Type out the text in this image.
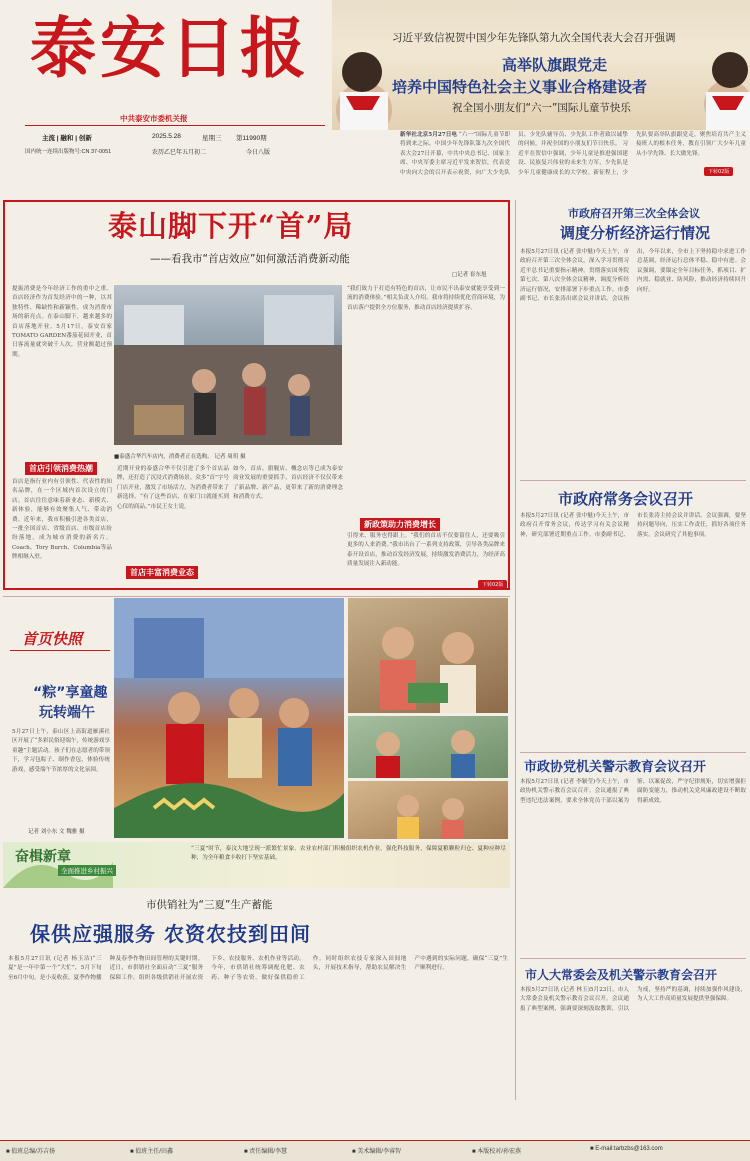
泰安日报
中共泰安市委机关报
主流 | 融和 | 创新
国内统一连续出版物号:CN 37-0051
2025.5.28	星期三 第11990期
农历乙巳年五月初二	今日八版
习近平致信祝贺中国少年先锋队第九次全国代表大会召开强调
高举队旗跟党走
培养中国特色社会主义事业合格建设者
祝全国小朋友们“六一”国际儿童节快乐
新华社北京5月27日电 “六一”国际儿童节即将到来之际，中国少年先锋队第九次全国代表大会27日开幕，中共中央总书记、国家主席、中央军委主席习近平发来贺信，代表党中央向大会的召开表示祝贺，向广大少先队员、少先队辅导员、少先队工作者致以诚挚的问候，并祝全国的小朋友们节日快乐。 习近平在贺信中强调，少年儿童是推进强国建设、民族复兴伟业的未来生力军，少先队是少年儿童健康成长的大学校。新征程上，少先队要高举队旗跟党走，聚焦培育共产主义接班人的根本任务，教育引领广大少年儿童从小学先锋、长大做先锋。
下转02版
泰山脚下开“首”局
——看我市“首店效应”如何激活消费新动能
□记者 崔东旭
提振消费是今年经济工作的重中之重。首店经济作为首发经济中的一种，以其独特性、稀缺性和新颖性，成为消费市场的新亮点。在泰山脚下，越来越多的首店落地开业。5月17日，泰安首家TOMATO GARDEN番茄花园开业，首日客流量就突破千人次，营业额超过预期。
“我们致力于打造有特色的首店，让市民不出泰安就能享受到一流的消费体验。”相关负责人介绍。我市将持续优化营商环境，为首店落户提供全方位服务，推动首店经济提质扩容。
■泰盛合华汽车店内，消费者正在选购。 记者 周玥 摄
首店引领消费热潮
首店是指行业内有引领性、代表性的知名品牌，在一个区域内首次设立的门店。首店往往意味着新业态、新模式、新体验，能够有效聚集人气、带动消费。近年来，我市积极引进各类首店，一批全国首店、省级首店、市级首店纷纷落地，成为城市消费的新名片。Coach、Tory Burch、Columbia等品牌相继入驻。
近期开业的泰盛合华不仅引进了多个首店品牌，还打造了沉浸式消费场景。众多“首”字号门店开业，激发了市场活力，为消费者带来了新选择。“有了这些首店，在家门口就能买到心仪的商品。”市民王女士说。
首店丰富消费业态
如今，首店、旗舰店、概念店等已成为泰安商业发展的重要抓手。首店经济不仅仅带来了新品牌、新产品，更带来了新的消费理念和消费方式。
新政策助力消费增长
引得来，服务也得跟上。“我们的首店不仅要留住人，还要吸引更多的人来消费。”我市出台了一系列支持政策，引导各类品牌来泰开设首店，推动首发经济发展，持续激发消费活力，为经济高质量发展注入新动能。
下转02版
市政府召开第三次全体会议
调度分析经济运行情况
本报5月27日讯 (记者 张中魁)今天上午，市政府召开第三次全体会议，深入学习贯彻习近平总书记重要指示精神，贯彻落实国务院第七次、第八次全体会议精神，调度分析经济运行情况，安排部署下步重点工作。市委副书记、市长张涛出席会议并讲话。会议指出，今年以来，全市上下坚持稳中求进工作总基调，经济运行总体平稳、稳中有进。会议强调，要锚定全年目标任务，抓项目、扩内需、稳就业、防风险，推动经济持续回升向好。
市政府常务会议召开
本报5月27日讯 (记者 张中魁)今天上午，市政府召开常务会议，传达学习有关会议精神，研究部署近期重点工作。市委副书记、市长张涛主持会议并讲话。会议强调，要坚持问题导向，压实工作责任，抓好各项任务落实。会议研究了其他事项。
市政协党机关警示教育会议召开
本报5月27日讯 (记者 李颖莹)今天上午，市政协机关警示教育会议召开。会议通报了典型违纪违法案例，要求全体党员干部以案为鉴、以案促改，严守纪律规矩，切实增强拒腐防变能力，推动机关党风廉政建设不断取得新成效。
市人大常委会及机关警示教育会召开
本报5月27日讯 (记者 林玉)5月23日，市人大常委会及机关警示教育会议召开。会议通报了典型案例，强调要深刻汲取教训，引以为戒，坚持严的基调，持续加强作风建设，为人大工作高质量发展提供坚强保障。
首页快照
“粽”享童趣
玩转端午
5月27日上午，泰山区上高街道雁溪社区开展了“多彩民俗迎端午，传统游戏享童趣”主题活动。孩子们在志愿者的带领下，学习包粽子、制作香包，体验传统游戏，感受端午节浓厚的文化氛围。
记者 刘小东 文 魏雅 摄
奋楫新章
全面推进乡村振兴
“三夏”时节，泰汶大地呈现一派繁忙景象。农业农村部门积极组织农机作业，强化科技服务，保障夏粮颗粒归仓、夏种应种尽种，为全年粮食丰收打下坚实基础。
市供销社为“三夏”生产蓄能
保供应强服务 农资农技到田间
本报5月27日讯 (记者 杨玉洁)“三夏”是一年中第一个“大忙”，5月下旬至6月中旬，是小麦收获、夏季作物播种及春季作物田间管理的关键时期。近日，市供销社全面启动“三夏”服务保障工作，组织各级供销社开展农资下乡、农技服务、农机作业等活动。 今年，市供销社统筹调配化肥、农药、种子等农资，做好保供稳价工作。同时组织农技专家深入田间地头，开展技术指导，帮助农民解决生产中遇到的实际问题，确保“三夏”生产顺利进行。
■ 值班总编/苏吉扬	■ 值班主任/田鑫	■ 责任编辑/李慧	■ 美术编辑/李睿智	■ 本版校对/孙宏燕	■ E-mail:tarbzbs@163.com
